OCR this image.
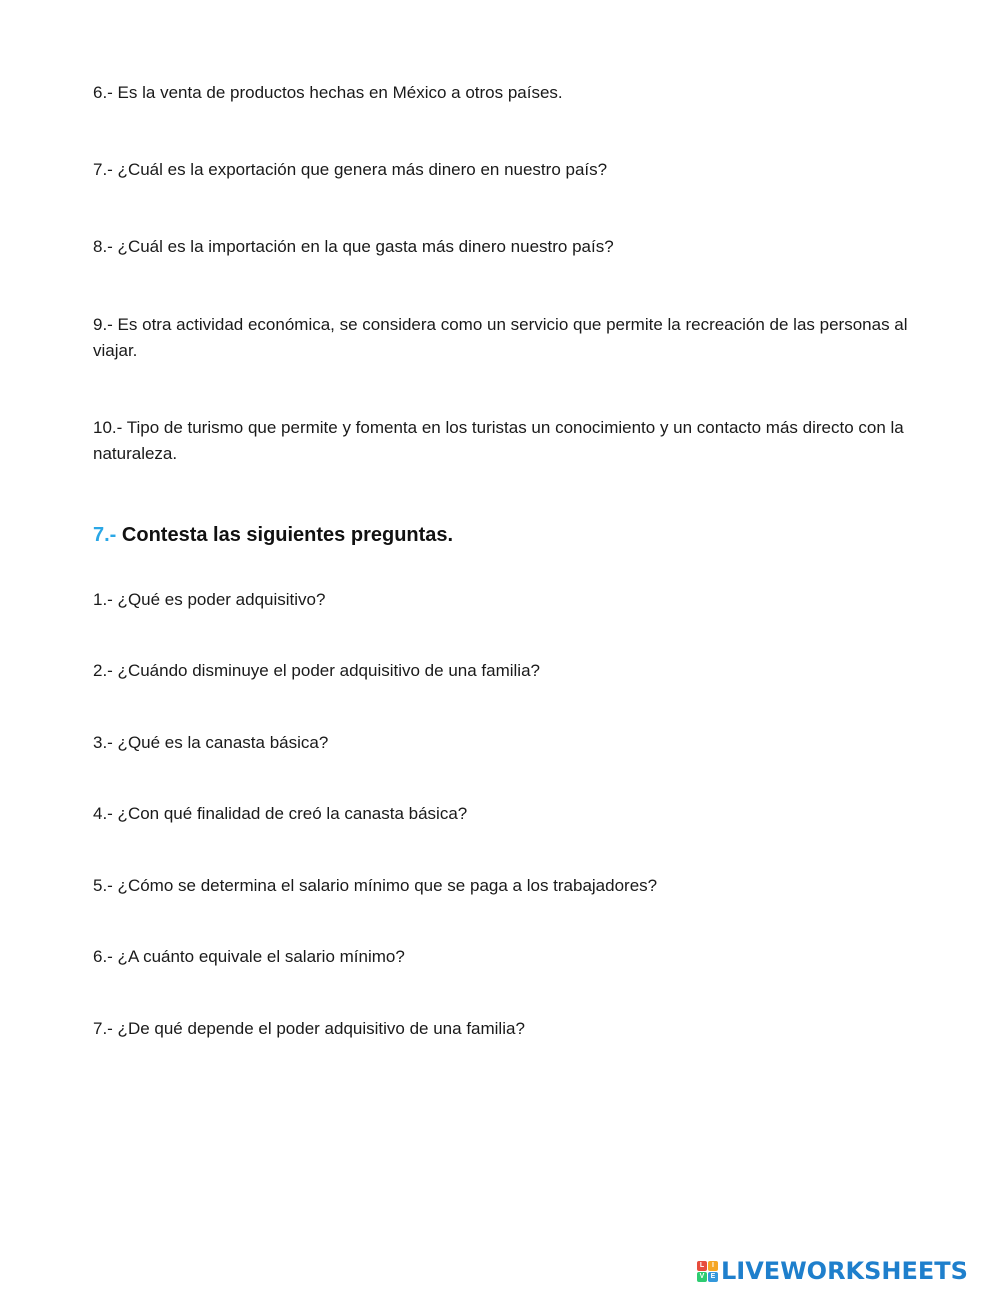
6.- Es la venta de productos hechas en México a otros países.
7.- ¿Cuál es la exportación que genera más dinero en nuestro país?
8.- ¿Cuál es la importación en la que gasta más dinero nuestro país?
9.- Es otra actividad económica, se considera como un servicio que permite la recreación de las personas al viajar.
10.- Tipo de turismo que permite y fomenta en los turistas un conocimiento y un contacto más directo con la naturaleza.
7.- Contesta las siguientes preguntas.
1.- ¿Qué es poder adquisitivo?
2.- ¿Cuándo disminuye el poder adquisitivo de una familia?
3.- ¿Qué es la canasta básica?
4.- ¿Con qué finalidad de creó la canasta básica?
5.- ¿Cómo se determina el salario mínimo que se paga a los trabajadores?
6.- ¿A cuánto equivale el salario mínimo?
7.- ¿De qué depende el poder adquisitivo de una familia?
L	I
V E LIVEWORKSHEETS
